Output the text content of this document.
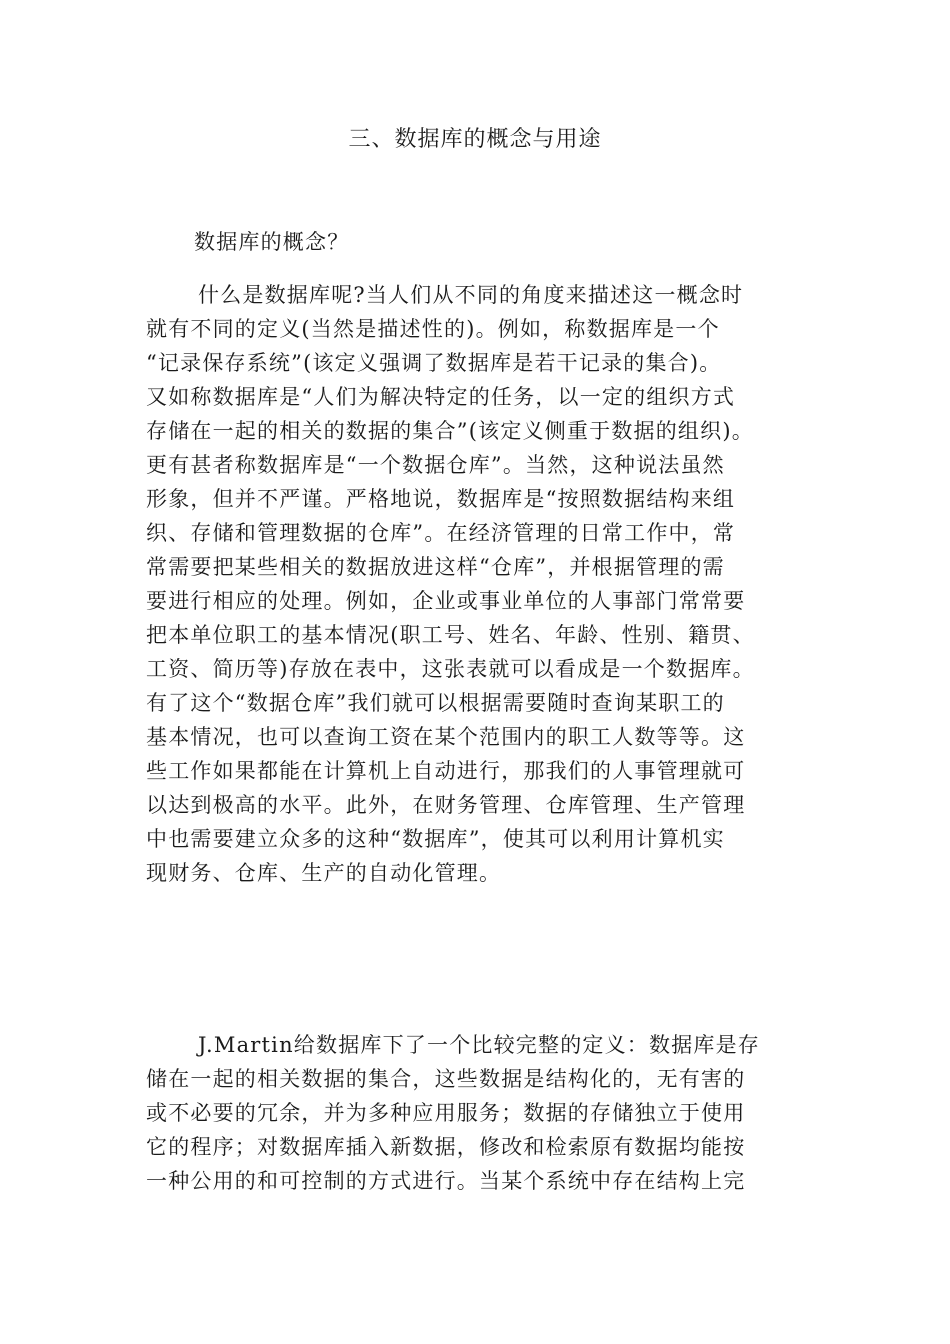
三、数据库的概念与用途
数据库的概念？
什么是数据库呢?当人们从不同的角度来描述这一概念时
就有不同的定义(当然是描述性的)。例如，称数据库是一个
“记录保存系统”(该定义强调了数据库是若干记录的集合)。
又如称数据库是“人们为解决特定的任务，以一定的组织方式
存储在一起的相关的数据的集合”(该定义侧重于数据的组织)。
更有甚者称数据库是“一个数据仓库”。当然，这种说法虽然
形象，但并不严谨。严格地说，数据库是“按照数据结构来组
织、存储和管理数据的仓库”。在经济管理的日常工作中，常
常需要把某些相关的数据放进这样“仓库”，并根据管理的需
要进行相应的处理。例如，企业或事业单位的人事部门常常要
把本单位职工的基本情况(职工号、姓名、年龄、性别、籍贯、
工资、简历等)存放在表中，这张表就可以看成是一个数据库。
有了这个“数据仓库”我们就可以根据需要随时查询某职工的
基本情况，也可以查询工资在某个范围内的职工人数等等。这
些工作如果都能在计算机上自动进行，那我们的人事管理就可
以达到极高的水平。此外，在财务管理、仓库管理、生产管理
中也需要建立众多的这种“数据库”，使其可以利用计算机实
现财务、仓库、生产的自动化管理。
J.Martin给数据库下了一个比较完整的定义：数据库是存
储在一起的相关数据的集合，这些数据是结构化的，无有害的
或不必要的冗余，并为多种应用服务；数据的存储独立于使用
它的程序；对数据库插入新数据，修改和检索原有数据均能按
一种公用的和可控制的方式进行。当某个系统中存在结构上完
